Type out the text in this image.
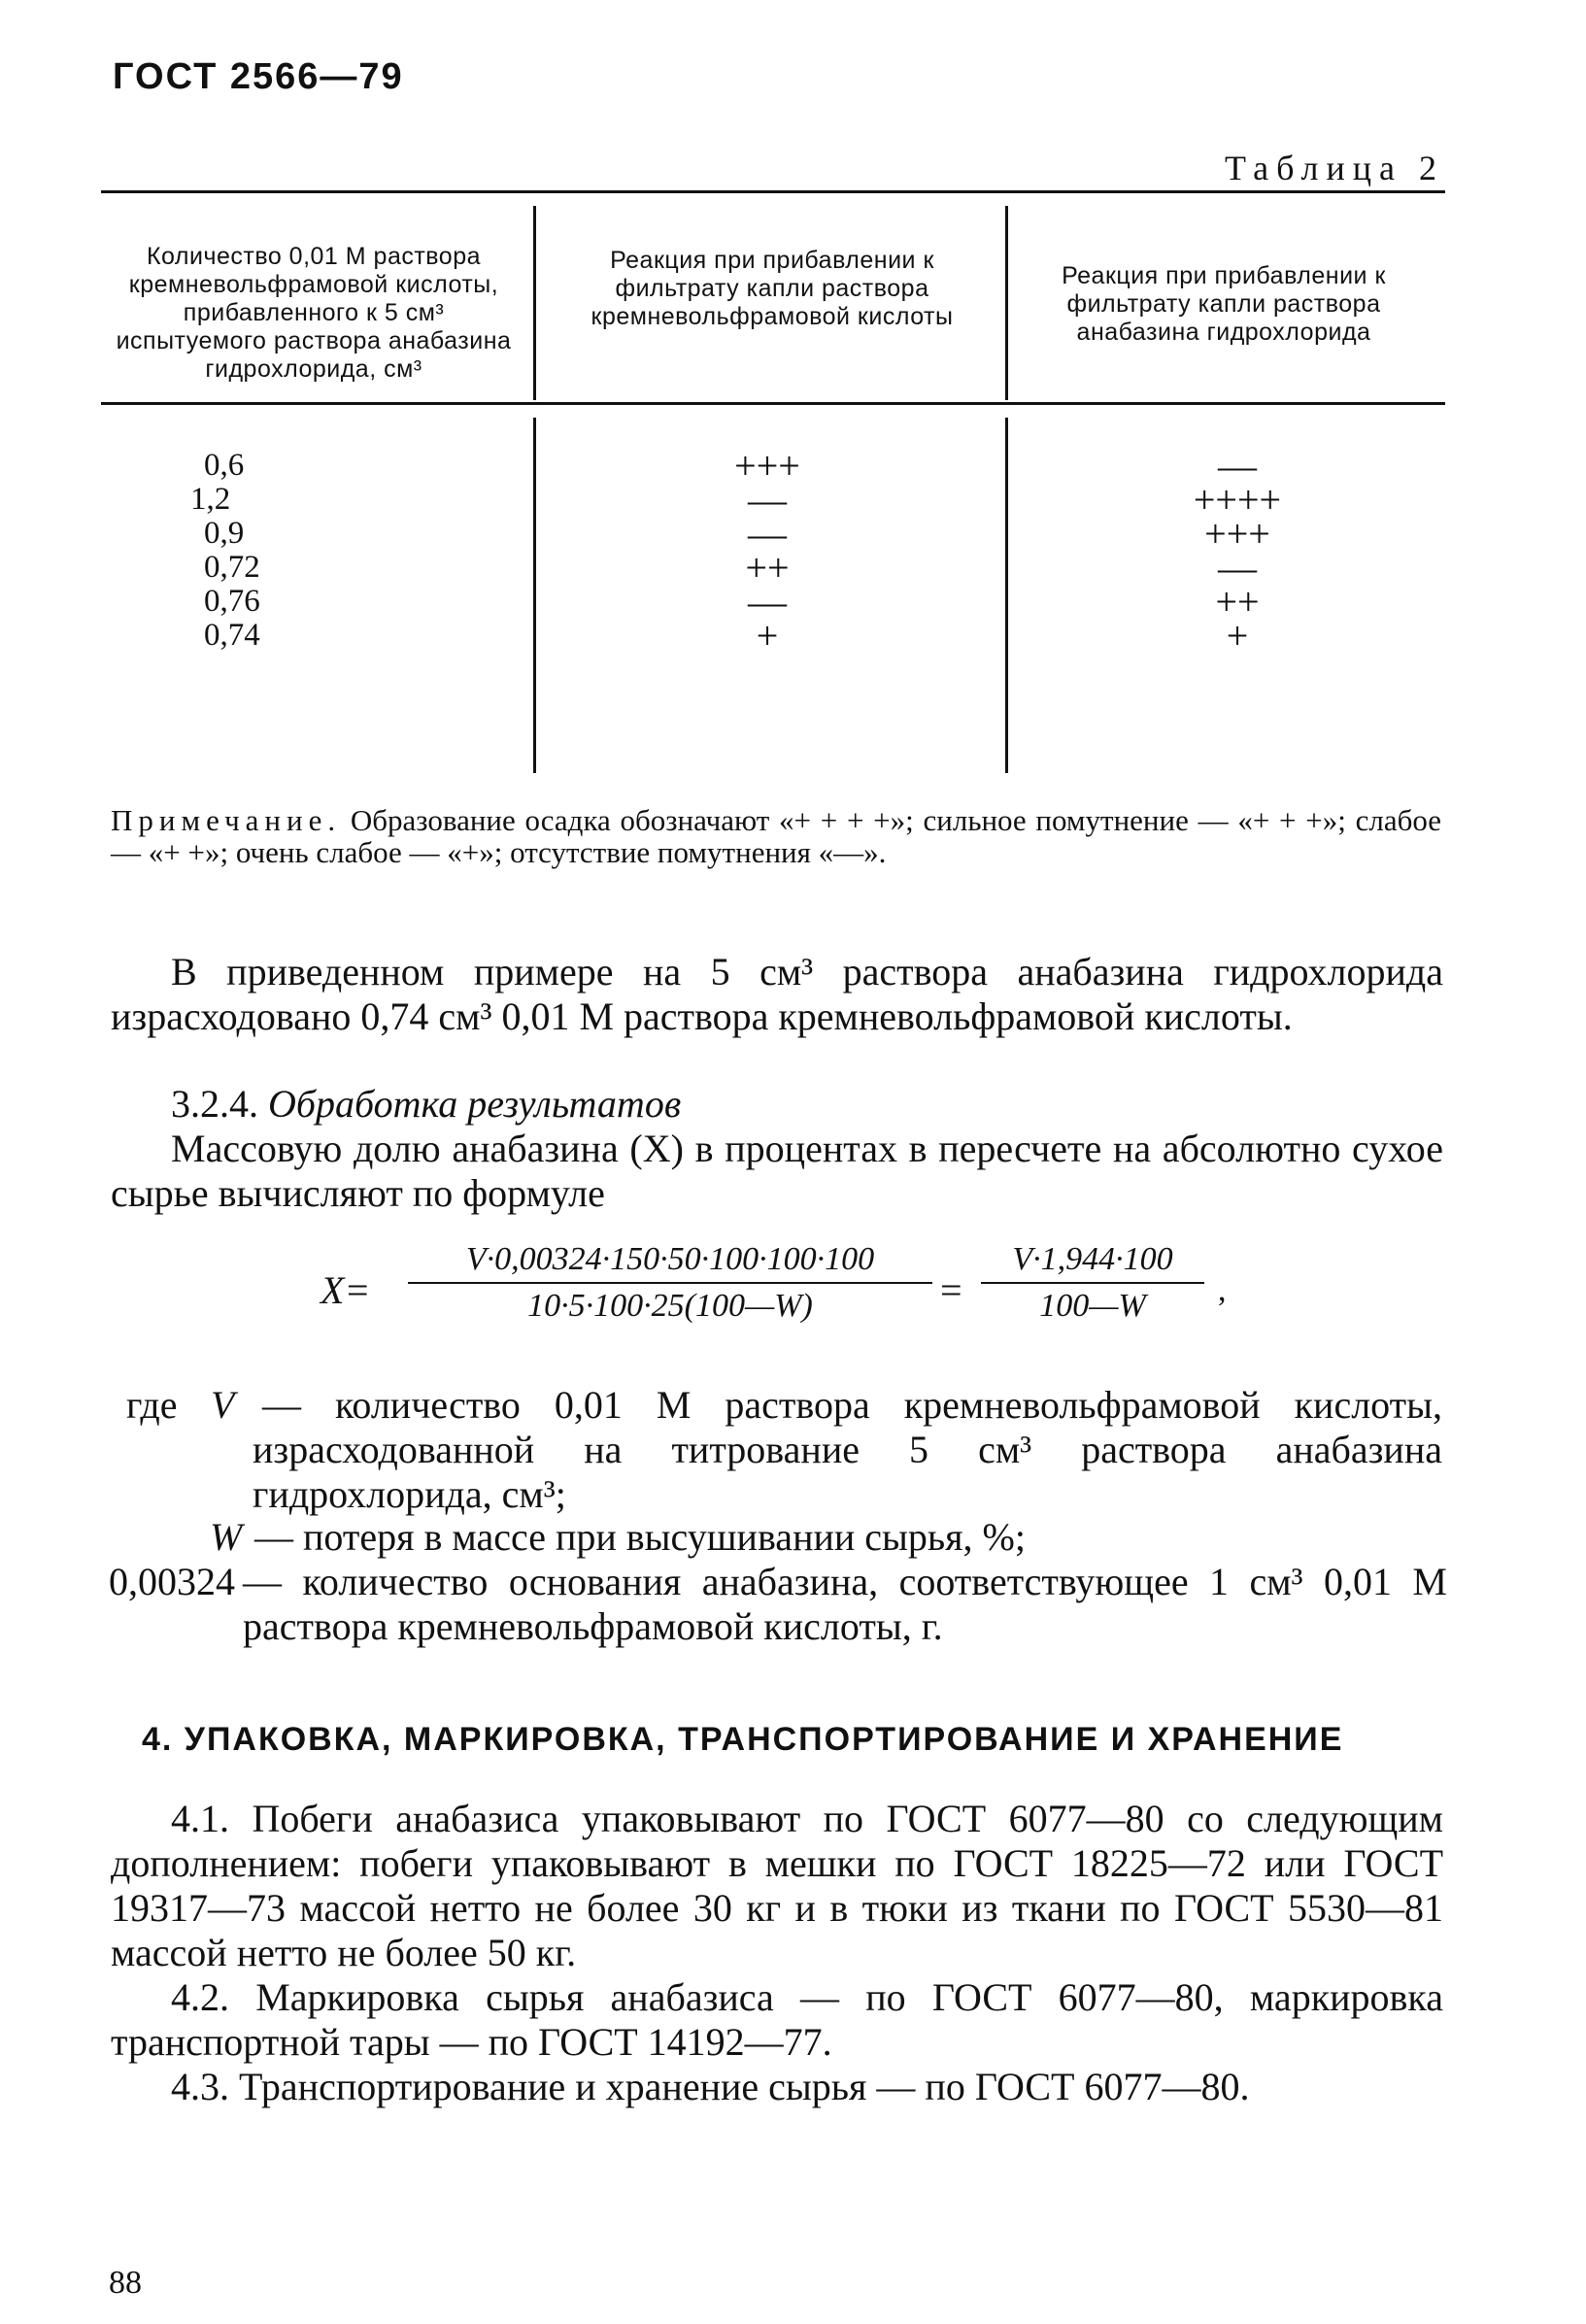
ГОСТ 2566—79
Таблица 2
Количество 0,01 М раствора кремневольфрамовой кислоты, прибавленного к 5 см³ испытуемого раствора анабазина гидрохлорида, см³
Реакция при прибавлении к фильтрату капли раствора кремневольфрамовой кислоты
Реакция при прибавлении к фильтрату капли раствора анабазина гидрохлорида
0,6
1,2
0,9
0,72
0,76
0,74
+++
—
—
++
—
+
—
++++
+++
—
++
+
Примечание. Образование осадка обозначают «+ + + +»; сильное помутнение — «+ + +»; слабое — «+ +»; очень слабое — «+»; отсутствие помутнения «—».
В приведенном примере на 5 см³ раствора анабазина гидрохлорида израсходовано 0,74 см³ 0,01 М раствора кремневольфрамовой кислоты.
3.2.4. Обработка результатов
Массовую долю анабазина (X) в процентах в пересчете на абсолютно сухое сырье вычисляют по формуле
$X= \frac{V\cdot 0,00324\cdot 150\cdot 50\cdot 100\cdot 100\cdot 100}{10\cdot 5\cdot 100\cdot 25(100—W)} = \frac{V\cdot 1,944\cdot 100}{100—W}$ ,
где V — количество 0,01 М раствора кремневольфрамовой кислоты, израсходованной на титрование 5 см³ раствора анабазина гидрохлорида, см³;
W — потеря в массе при высушивании сырья, %;
0,00324 — количество основания анабазина, соответствующее 1 см³ 0,01 М раствора кремневольфрамовой кислоты, г.
4. УПАКОВКА, МАРКИРОВКА, ТРАНСПОРТИРОВАНИЕ И ХРАНЕНИЕ
4.1. Побеги анабазиса упаковывают по ГОСТ 6077—80 со следующим дополнением: побеги упаковывают в мешки по ГОСТ 18225—72 или ГОСТ 19317—73 массой нетто не более 30 кг и в тюки из ткани по ГОСТ 5530—81 массой нетто не более 50 кг.
4.2. Маркировка сырья анабазиса — по ГОСТ 6077—80, маркировка транспортной тары — по ГОСТ 14192—77.
4.3. Транспортирование и хранение сырья — по ГОСТ 6077—80.
88
